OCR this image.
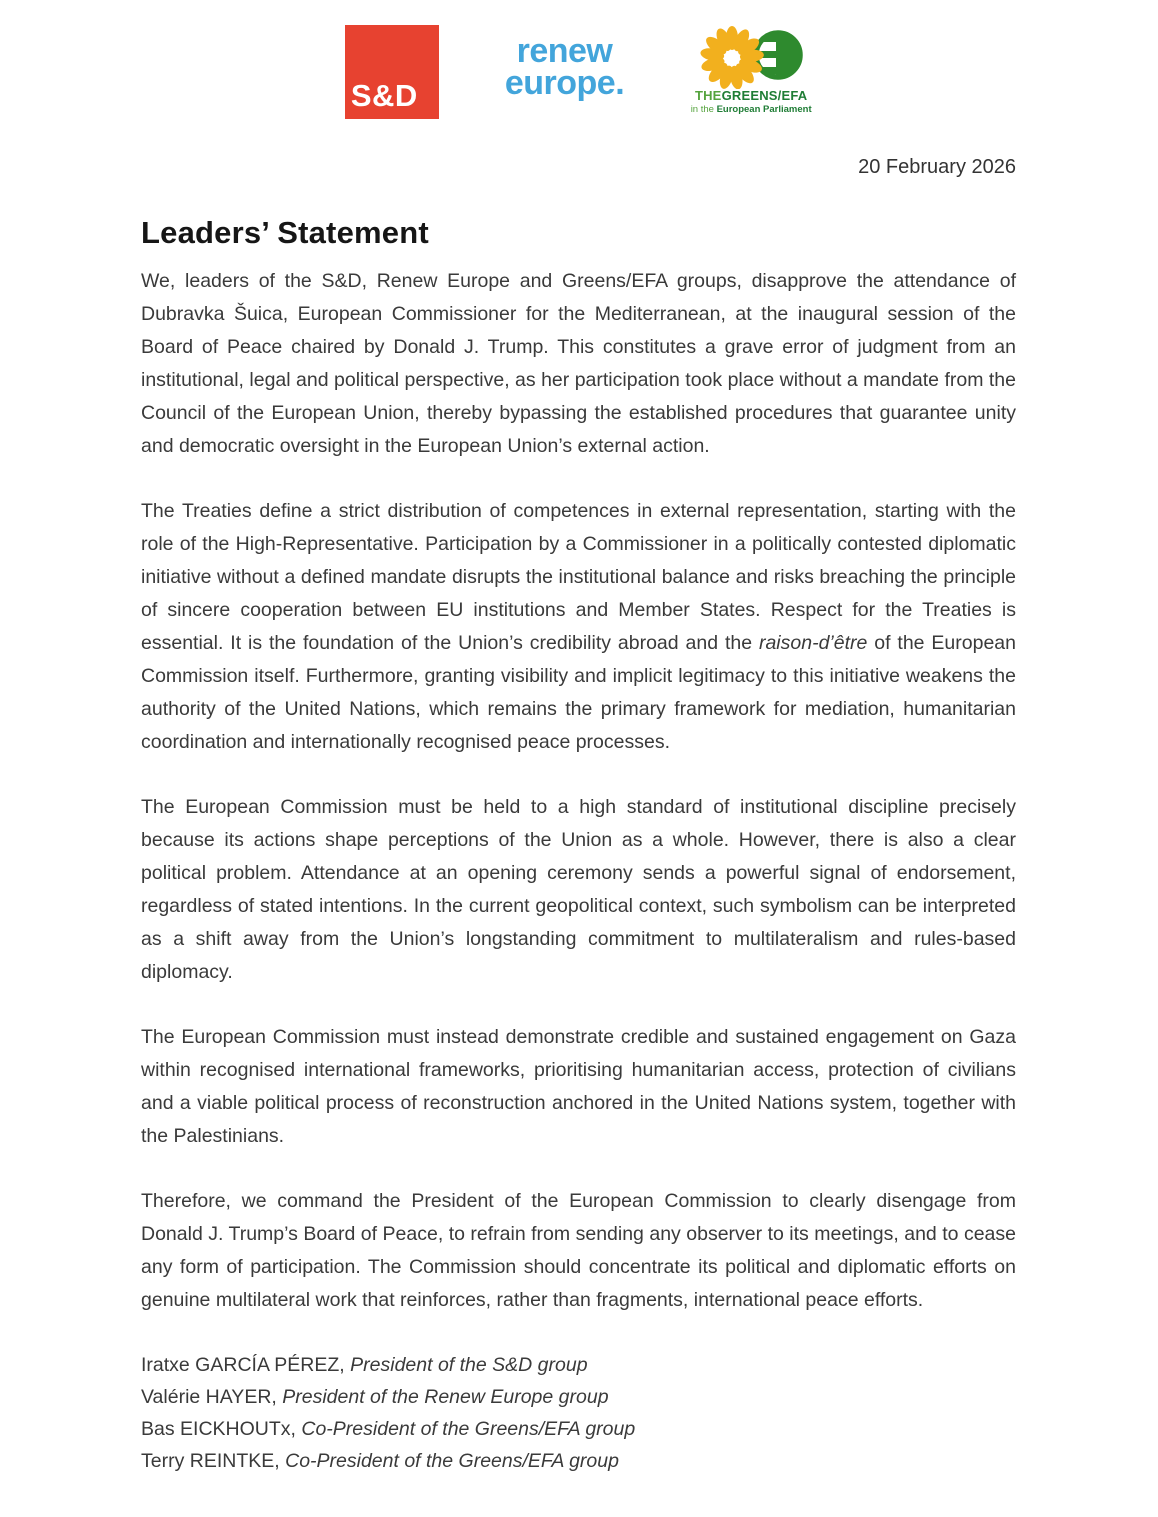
S&D
renew
europe.	THEGREENS/EFA
in the European Parliament
20 February 2026
Leaders’ Statement

We, leaders of the S&D, Renew Europe and Greens/EFA groups, disapprove the attendance of Dubravka Šuica, European Commissioner for the Mediterranean, at the inaugural session of the Board of Peace chaired by Donald J. Trump. This constitutes a grave error of judgment from an institutional, legal and political perspective, as her participation took place without a mandate from the Council of the European Union, thereby bypassing the established procedures that guarantee unity and democratic oversight in the European Union’s external action.

The Treaties define a strict distribution of competences in external representation, starting with the role of the High-Representative. Participation by a Commissioner in a politically contested diplomatic initiative without a defined mandate disrupts the institutional balance and risks breaching the principle of sincere cooperation between EU institutions and Member States. Respect for the Treaties is essential. It is the foundation of the Union’s credibility abroad and the raison-d’être of the European Commission itself. Furthermore, granting visibility and implicit legitimacy to this initiative weakens the authority of the United Nations, which remains the primary framework for mediation, humanitarian coordination and internationally recognised peace processes.

The European Commission must be held to a high standard of institutional discipline precisely because its actions shape perceptions of the Union as a whole. However, there is also a clear political problem. Attendance at an opening ceremony sends a powerful signal of endorsement, regardless of stated intentions. In the current geopolitical context, such symbolism can be interpreted as a shift away from the Union’s longstanding commitment to multilateralism and rules-based diplomacy.

The European Commission must instead demonstrate credible and sustained engagement on Gaza within recognised international frameworks, prioritising humanitarian access, protection of civilians and a viable political process of reconstruction anchored in the United Nations system, together with the Palestinians.

Therefore, we command the President of the European Commission to clearly disengage from Donald J. Trump’s Board of Peace, to refrain from sending any observer to its meetings, and to cease any form of participation. The Commission should concentrate its political and diplomatic efforts on genuine multilateral work that reinforces, rather than fragments, international peace efforts.

Iratxe GARCÍA PÉREZ, President of the S&D group
Valérie HAYER, President of the Renew Europe group
Bas EICKHOUTx, Co-President of the Greens/EFA group
Terry REINTKE, Co-President of the Greens/EFA group
